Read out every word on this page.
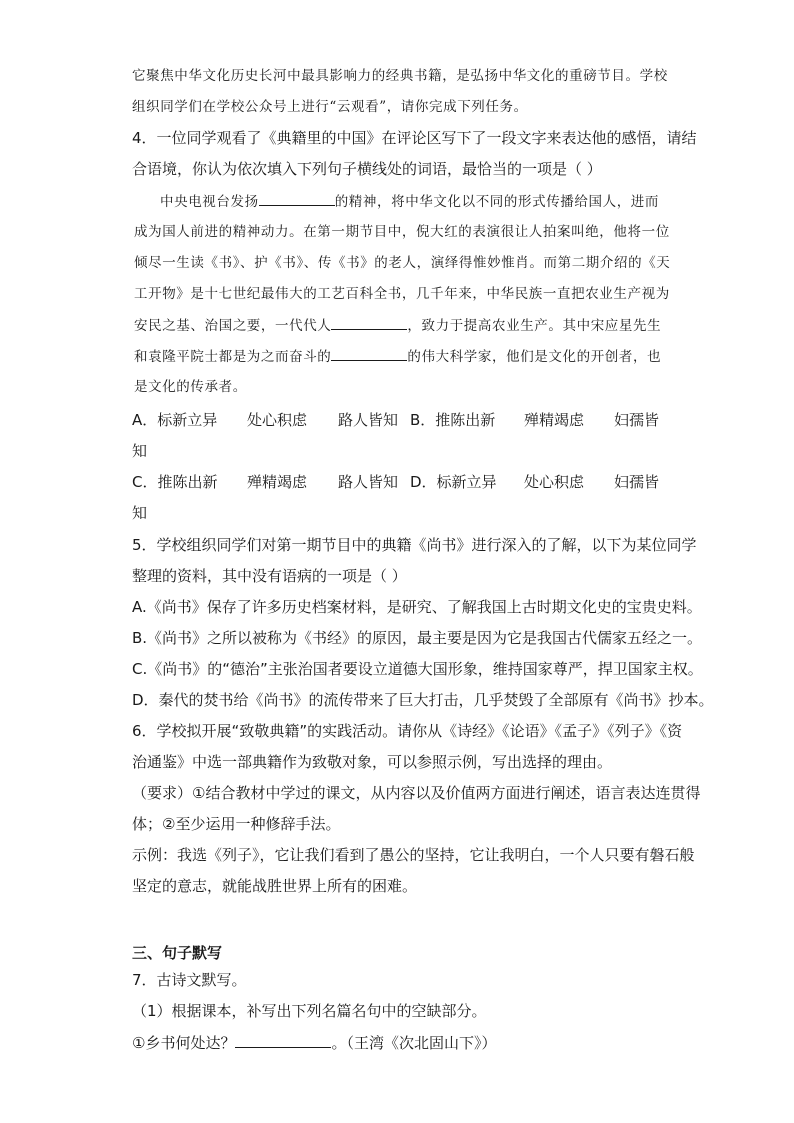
它聚焦中华文化历史长河中最具影响力的经典书籍，是弘扬中华文化的重磅节目。学校
组织同学们在学校公众号上进行“云观看”，请你完成下列任务。
4．一位同学观看了《典籍里的中国》在评论区写下了一段文字来表达他的感悟，请结
合语境，你认为依次填入下列句子横线处的词语，最恰当的一项是（ ）
中央电视台发扬	的精神，将中华文化以不同的形式传播给国人，进而
成为国人前进的精神动力。在第一期节目中，倪大红的表演很让人拍案叫绝，他将一位
倾尽一生读《书》、护《书》、传《书》的老人，演绎得惟妙惟肖。而第二期介绍的《天
工开物》是十七世纪最伟大的工艺百科全书，几千年来，中华民族一直把农业生产视为
安民之基、治国之要，一代代人	，致力于提高农业生产。其中宋应星先生
和袁隆平院士都是为之而奋斗的	的伟大科学家，他们是文化的开创者，也
是文化的传承者。
A．标新立异 处心积虑 路人皆知 B．推陈出新 殚精竭虑 妇孺皆
知
C．推陈出新 殚精竭虑 路人皆知 D．标新立异 处心积虑 妇孺皆
知
5．学校组织同学们对第一期节目中的典籍《尚书》进行深入的了解，以下为某位同学
整理的资料，其中没有语病的一项是（ ）
A.《尚书》保存了许多历史档案材料，是研究、了解我国上古时期文化史的宝贵史料。
B.《尚书》之所以被称为《书经》的原因，最主要是因为它是我国古代儒家五经之一。
C.《尚书》的“德治”主张治国者要设立道德大国形象，维持国家尊严，捍卫国家主权。
D．秦代的焚书给《尚书》的流传带来了巨大打击，几乎焚毁了全部原有《尚书》抄本。
6．学校拟开展“致敬典籍”的实践活动。请你从《诗经》《论语》《孟子》《列子》《资
治通鉴》中选一部典籍作为致敬对象，可以参照示例，写出选择的理由。
（要求）①结合教材中学过的课文，从内容以及价值两方面进行阐述，语言表达连贯得
体；②至少运用一种修辞手法。
示例：我选《列子》，它让我们看到了愚公的坚持，它让我明白，一个人只要有磐石般
坚定的意志，就能战胜世界上所有的困难。
三、句子默写
7．古诗文默写。
（1）根据课本，补写出下列名篇名句中的空缺部分。
①乡书何处达？	。（王湾《次北固山下》）
